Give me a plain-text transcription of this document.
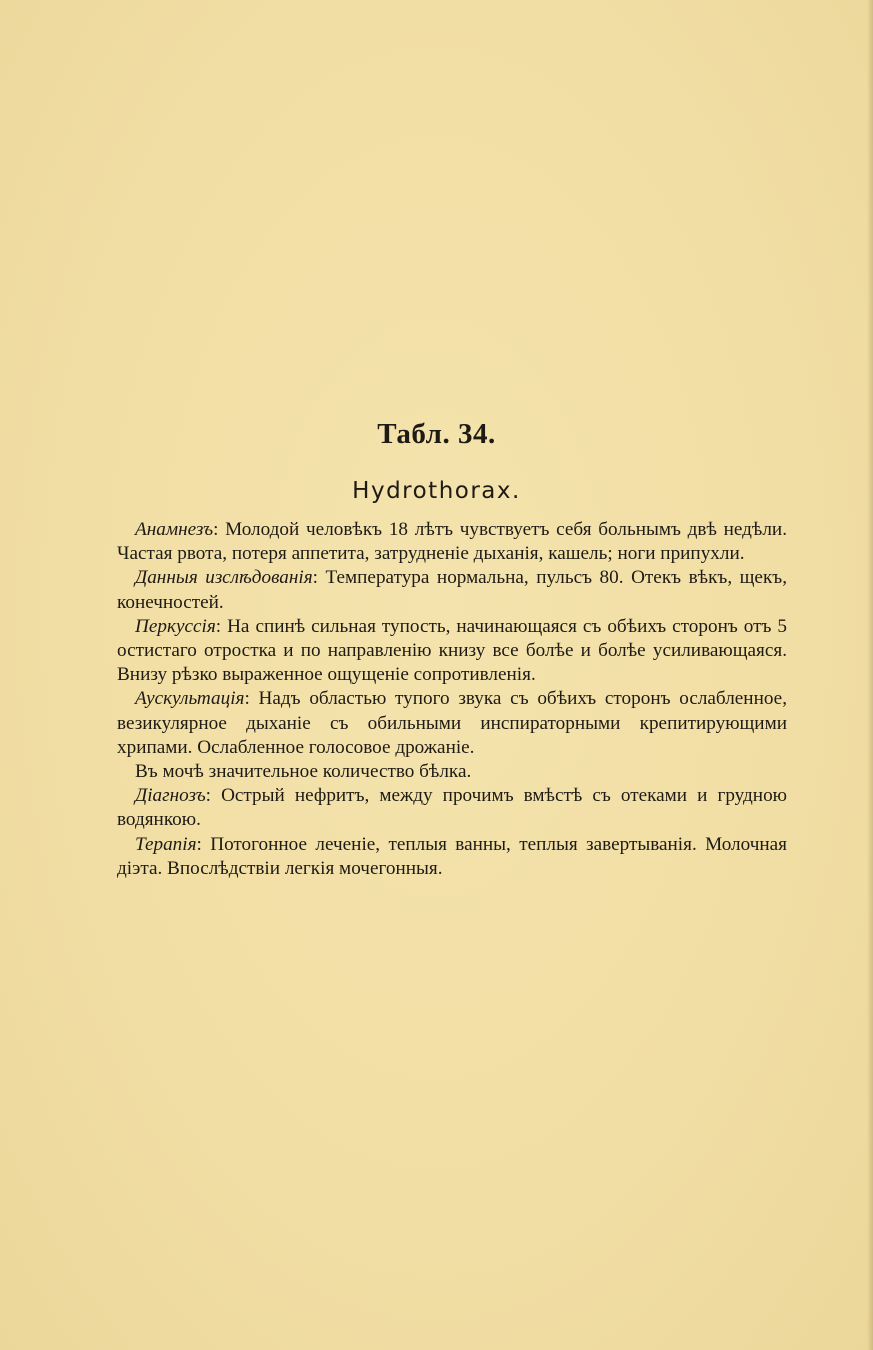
Табл. 34.
Hydrothorax.

Анамнезъ: Молодой человѣкъ 18 лѣтъ чувствуетъ себя больнымъ двѣ недѣли. Частая рвота, потеря аппетита, затрудненіе дыханія, кашель; ноги припухли.

Данныя изслѣдованія: Температура нормальна, пульсъ 80. Отекъ вѣкъ, щекъ, конечностей.

Перкуссія: На спинѣ сильная тупость, начинающаяся съ обѣихъ сторонъ отъ 5 остистаго отростка и по направленію книзу все болѣе и болѣе усиливающаяся. Внизу рѣзко выраженное ощущеніе сопротивленія.

Аускультація: Надъ областью тупого звука съ обѣихъ сторонъ ослабленное, везикулярное дыханіе съ обильными инспираторными крепитирующими хрипами. Ослабленное голосовое дрожаніе.

Въ мочѣ значительное количество бѣлка.

Діагнозъ: Острый нефритъ, между прочимъ вмѣстѣ съ отеками и грудною водянкою.

Терапія: Потогонное леченіе, теплыя ванны, теплыя завертыванія. Молочная діэта. Впослѣдствіи легкія мочегонныя.
